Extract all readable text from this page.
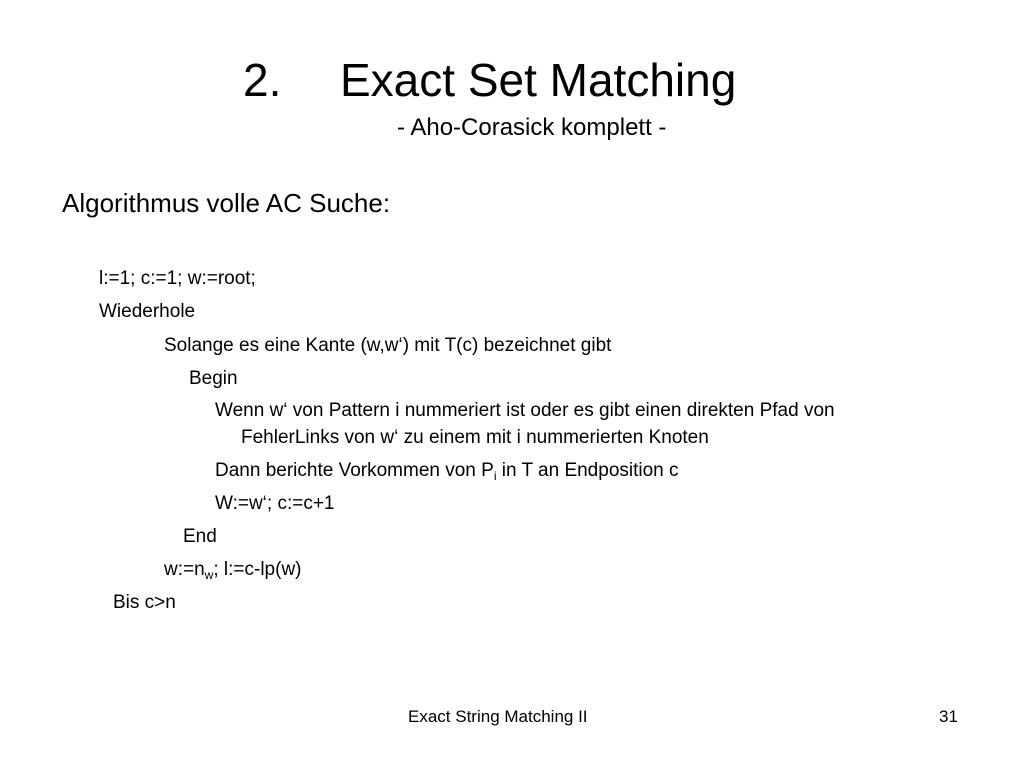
2. Exact Set Matching
- Aho-Corasick komplett -
Algorithmus volle AC Suche:
l:=1; c:=1; w:=root;
Wiederhole
Solange es eine Kante (w,w‘) mit T(c) bezeichnet gibt
Begin
Wenn w‘ von Pattern i nummeriert ist oder es gibt einen direkten Pfad von
FehlerLinks von w‘ zu einem mit i nummerierten Knoten
Dann berichte Vorkommen von $P_i$ in T an Endposition c
W:=w‘; c:=c+1
End
$w:=n_w$; l:=c-lp(w)
Bis c>n
Exact String Matching II	31
